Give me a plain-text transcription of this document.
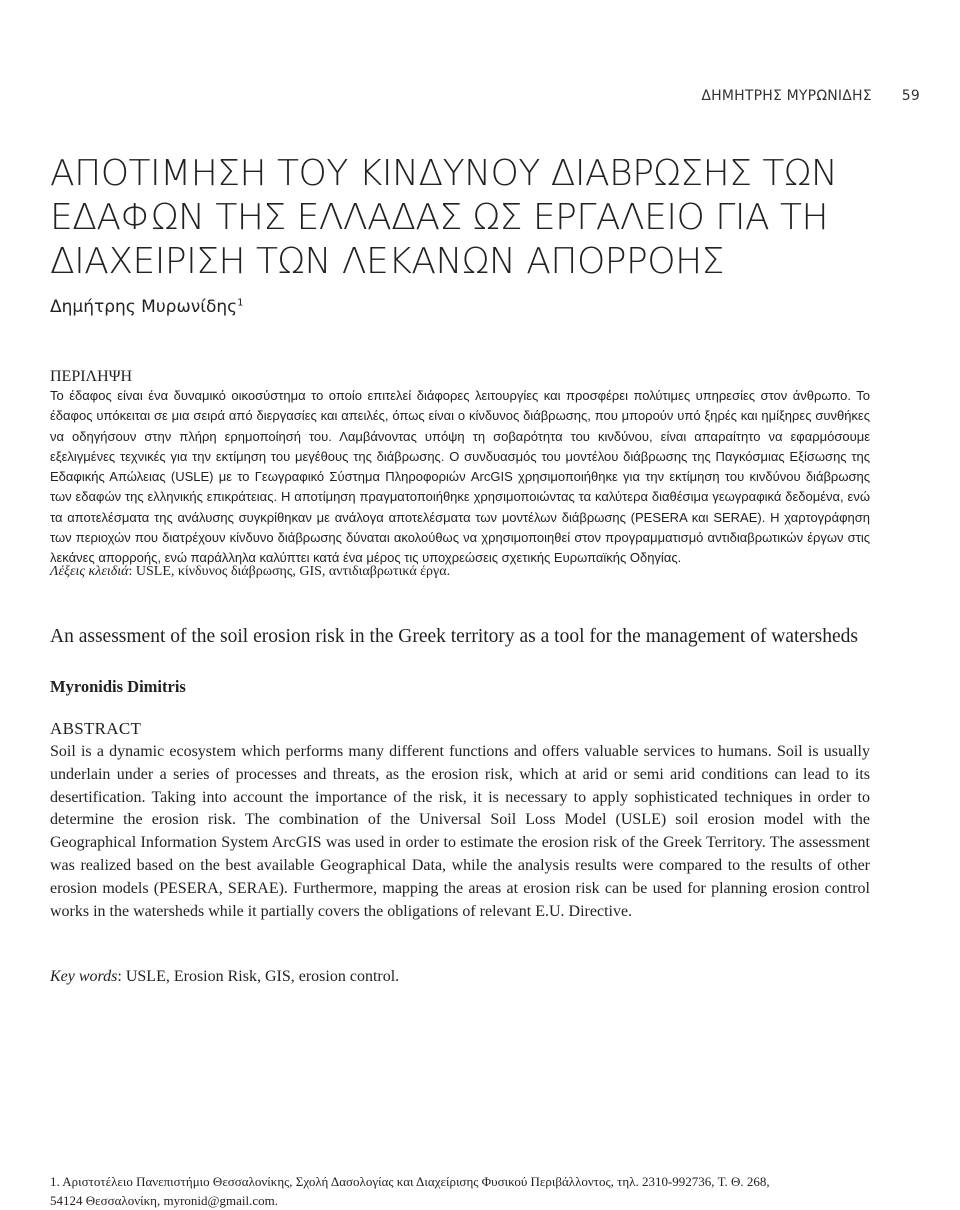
ΔΗΜΗΤΡΗΣ ΜΥΡΩΝΙΔΗΣ 59
ΑΠΟΤΙΜΗΣΗ ΤΟΥ ΚΙΝΔΥΝΟΥ ΔΙΑΒΡΩΣΗΣ ΤΩΝ
ΕΔΑΦΩΝ ΤΗΣ ΕΛΛΑΔΑΣ ΩΣ ΕΡΓΑΛΕΙΟ ΓΙΑ ΤΗ
ΔΙΑΧΕΙΡΙΣΗ ΤΩΝ ΛΕΚΑΝΩΝ ΑΠΟΡΡΟΗΣ
Δημήτρης Μυρωνίδης$^1$
ΠΕΡΙΛΗΨΗ

Το έδαφος είναι ένα δυναμικό οικοσύστημα το οποίο επιτελεί διάφορες λειτουργίες και προσφέρει πολύτιμες υπηρεσίες στον άνθρωπο. Το έδαφος υπόκειται σε μια σειρά από διεργασίες και απειλές, όπως είναι ο κίνδυνος διάβρωσης, που μπορούν υπό ξηρές και ημίξηρες συνθήκες να οδηγήσουν στην πλήρη ερημοποίησή του. Λαμβάνοντας υπόψη τη σοβαρότητα του κινδύνου, είναι απαραίτητο να εφαρμόσουμε εξελιγμένες τεχνικές για την εκτίμηση του μεγέθους της διάβρωσης. Ο συνδυασμός του μοντέλου διάβρωσης της Παγκόσμιας Εξίσωσης της Εδαφικής Απώλειας (USLE) με το Γεωγραφικό Σύστημα Πληροφοριών ArcGIS χρησιμοποιήθηκε για την εκτίμηση του κινδύνου διάβρωσης των εδαφών της ελληνικής επικράτειας. Η αποτίμηση πραγματοποιήθηκε χρησιμοποιώντας τα καλύτερα διαθέσιμα γεωγραφικά δεδομένα, ενώ τα αποτελέσματα της ανάλυσης συγκρίθηκαν με ανάλογα αποτελέσματα των μοντέλων διάβρωσης (PESERA και SERAE). Η χαρτογράφηση των περιοχών που διατρέχουν κίνδυνο διάβρωσης δύναται ακολούθως να χρησιμοποιηθεί στον προγραμματισμό αντιδιαβρωτικών έργων στις λεκάνες απορροής, ενώ παράλληλα καλύπτει κατά ένα μέρος τις υποχρεώσεις σχετικής Ευρωπαϊκής Οδηγίας.

Λέξεις κλειδιά: USLE, κίνδυνος διάβρωσης, GIS, αντιδιαβρωτικά έργα.
An assessment of the soil erosion risk in the Greek territory as a tool for the management of watersheds
Myronidis Dimitris
ABSTRACT

Soil is a dynamic ecosystem which performs many different functions and offers valuable services to humans. Soil is usually underlain under a series of processes and threats, as the erosion risk, which at arid or semi arid conditions can lead to its desertification. Taking into account the importance of the risk, it is necessary to apply sophisticated techniques in order to determine the erosion risk. The combination of the Universal Soil Loss Model (USLE) soil erosion model with the Geographical Information System ArcGIS was used in order to estimate the erosion risk of the Greek Territory. The assessment was realized based on the best available Geographical Data, while the analysis results were compared to the results of other erosion models (PESERA, SERAE). Furthermore, mapping the areas at erosion risk can be used for planning erosion control works in the watersheds while it partially covers the obligations of relevant E.U. Directive.

Key words: USLE, Erosion Risk, GIS, erosion control.
1. Αριστοτέλειο Πανεπιστήμιο Θεσσαλονίκης, Σχολή Δασολογίας και Διαχείρισης Φυσικού Περιβάλλοντος, τηλ. 2310-992736, Τ. Θ. 268,
54124 Θεσσαλονίκη, myronid@gmail.com.
